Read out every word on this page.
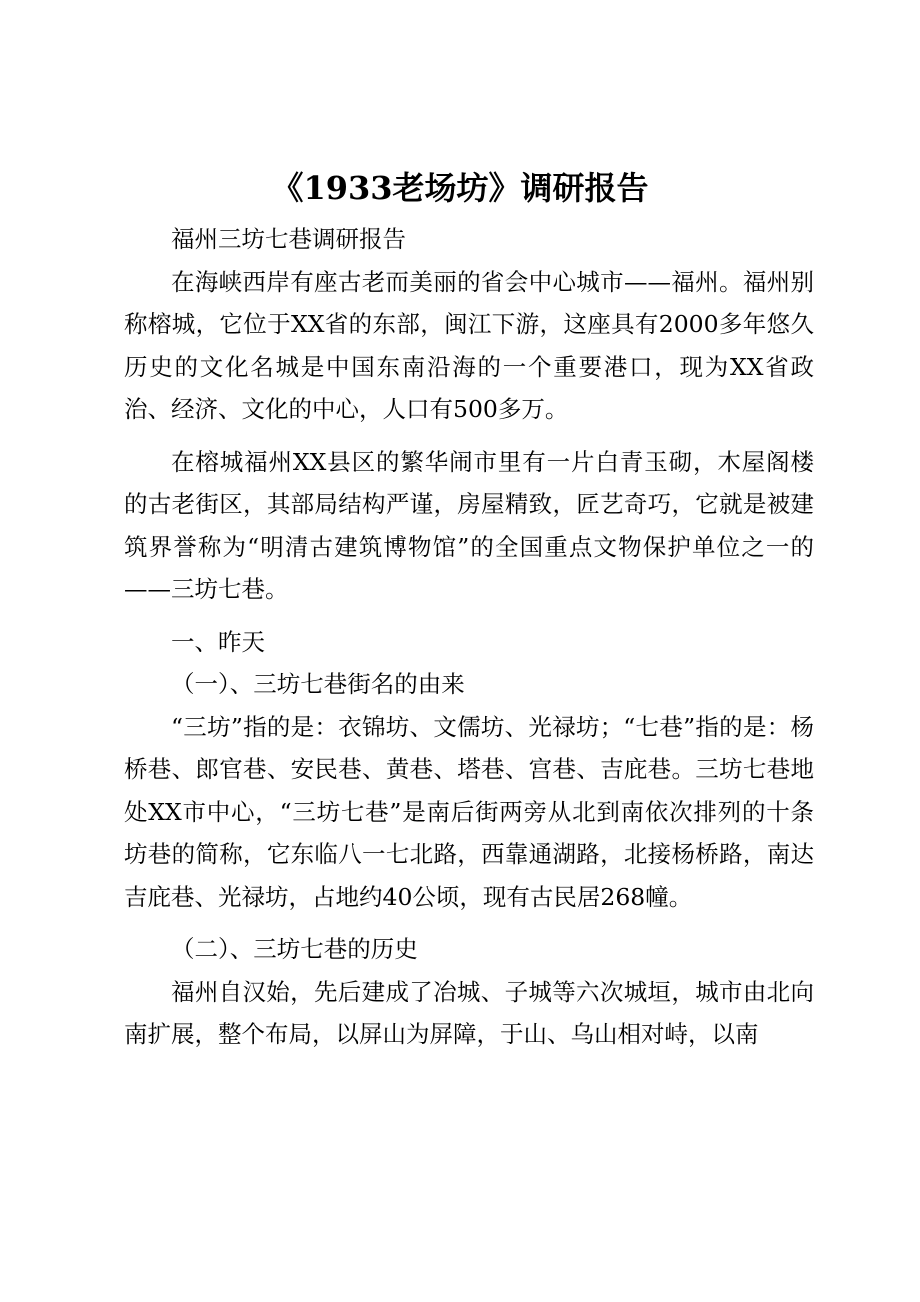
《1933老场坊》调研报告

福州三坊七巷调研报告

在海峡西岸有座古老而美丽的省会中心城市——福州。福州别称榕城，它位于XX省的东部，闽江下游，这座具有2000多年悠久历史的文化名城是中国东南沿海的一个重要港口，现为XX省政治、经济、文化的中心，人口有500多万。

在榕城福州XX县区的繁华闹市里有一片白青玉砌，木屋阁楼的古老街区，其部局结构严谨，房屋精致，匠艺奇巧，它就是被建筑界誉称为“明清古建筑博物馆”的全国重点文物保护单位之一的——三坊七巷。

一、昨天

（一）、三坊七巷街名的由来

“三坊”指的是：衣锦坊、文儒坊、光禄坊；“七巷”指的是：杨桥巷、郎官巷、安民巷、黄巷、塔巷、宫巷、吉庇巷。三坊七巷地处XX市中心，“三坊七巷”是南后街两旁从北到南依次排列的十条坊巷的简称，它东临八一七北路，西靠通湖路，北接杨桥路，南达吉庇巷、光禄坊，占地约40公顷，现有古民居268幢。

（二）、三坊七巷的历史

福州自汉始，先后建成了冶城、子城等六次城垣，城市由北向南扩展，整个布局，以屏山为屏障，于山、乌山相对峙，以南
